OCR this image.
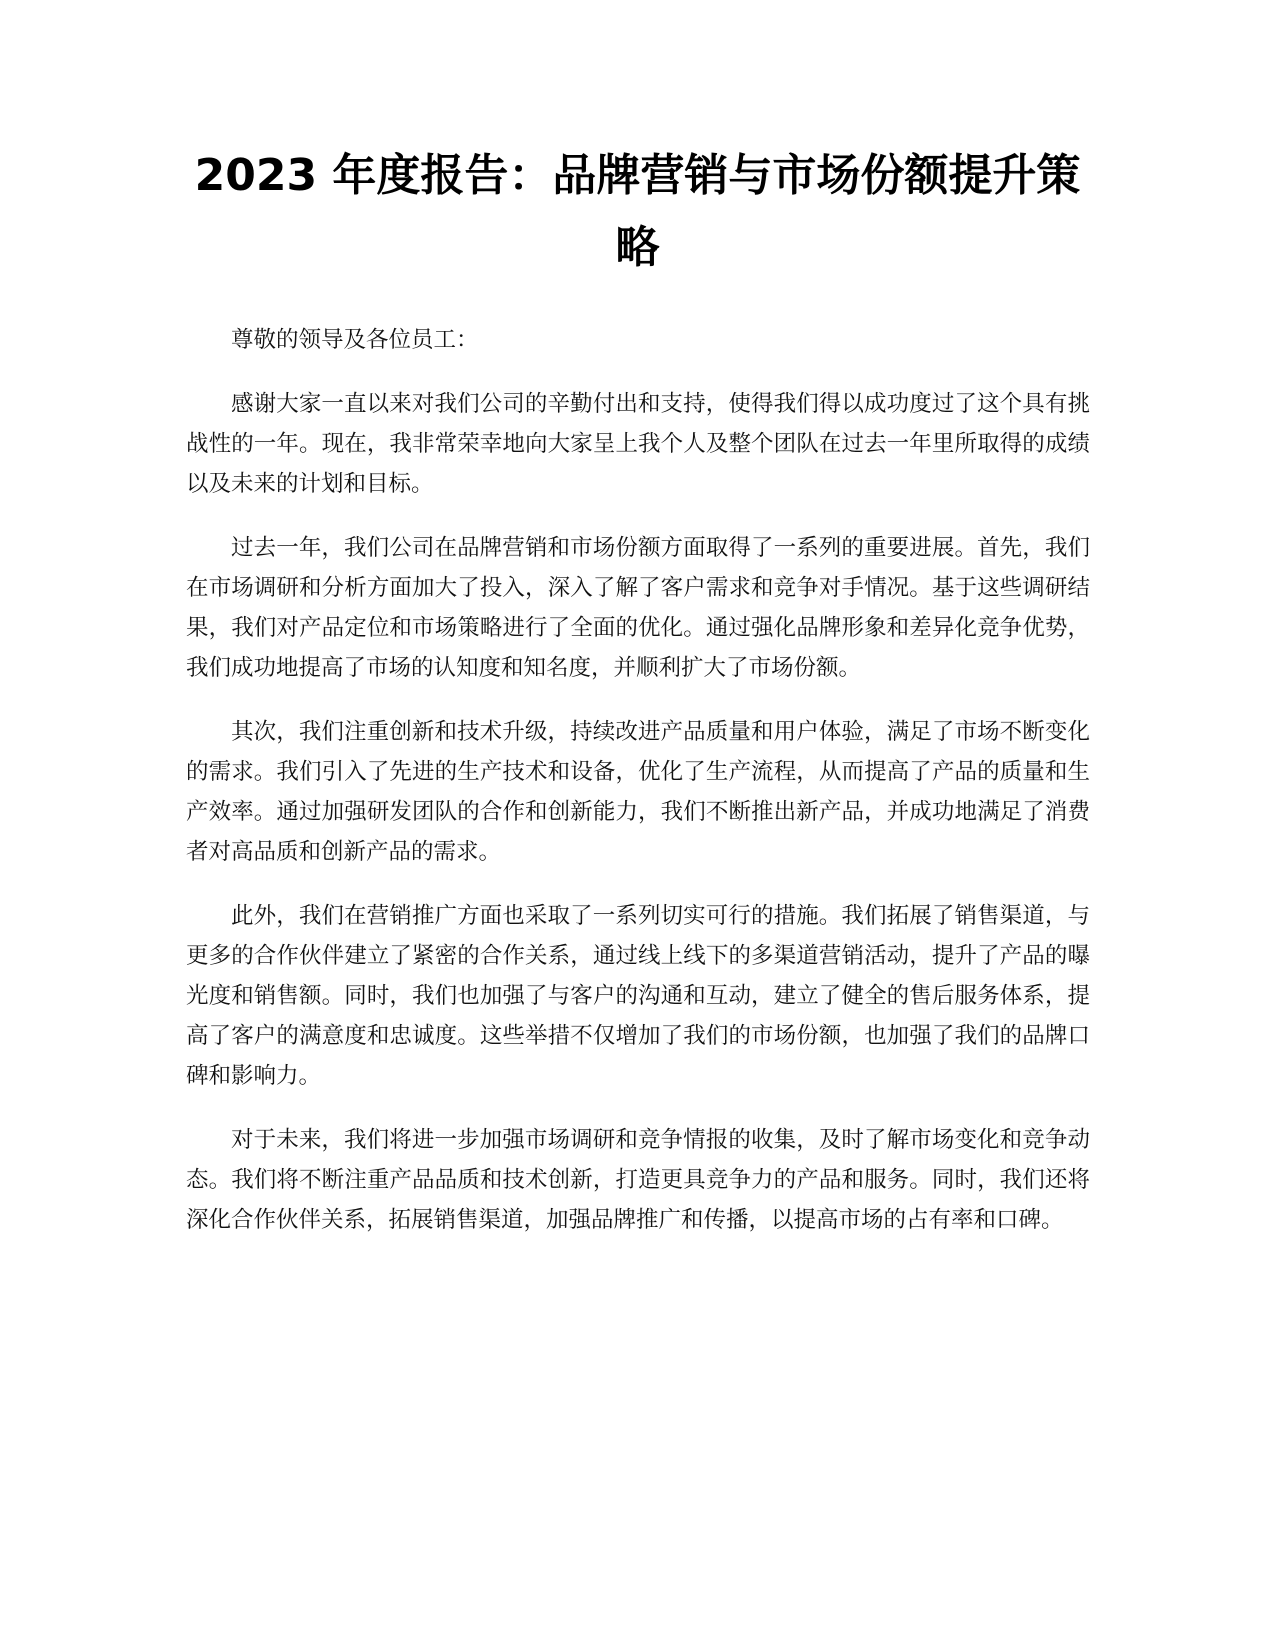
2023 年度报告：品牌营销与市场份额提升策略

尊敬的领导及各位员工：

感谢大家一直以来对我们公司的辛勤付出和支持，使得我们得以成功度过了这个具有挑战性的一年。现在，我非常荣幸地向大家呈上我个人及整个团队在过去一年里所取得的成绩以及未来的计划和目标。

过去一年，我们公司在品牌营销和市场份额方面取得了一系列的重要进展。首先，我们在市场调研和分析方面加大了投入，深入了解了客户需求和竞争对手情况。基于这些调研结果，我们对产品定位和市场策略进行了全面的优化。通过强化品牌形象和差异化竞争优势，我们成功地提高了市场的认知度和知名度，并顺利扩大了市场份额。

其次，我们注重创新和技术升级，持续改进产品质量和用户体验，满足了市场不断变化的需求。我们引入了先进的生产技术和设备，优化了生产流程，从而提高了产品的质量和生产效率。通过加强研发团队的合作和创新能力，我们不断推出新产品，并成功地满足了消费者对高品质和创新产品的需求。

此外，我们在营销推广方面也采取了一系列切实可行的措施。我们拓展了销售渠道，与更多的合作伙伴建立了紧密的合作关系，通过线上线下的多渠道营销活动，提升了产品的曝光度和销售额。同时，我们也加强了与客户的沟通和互动，建立了健全的售后服务体系，提高了客户的满意度和忠诚度。这些举措不仅增加了我们的市场份额，也加强了我们的品牌口碑和影响力。

对于未来，我们将进一步加强市场调研和竞争情报的收集，及时了解市场变化和竞争动态。我们将不断注重产品品质和技术创新，打造更具竞争力的产品和服务。同时，我们还将深化合作伙伴关系，拓展销售渠道，加强品牌推广和传播，以提高市场的占有率和口碑。
